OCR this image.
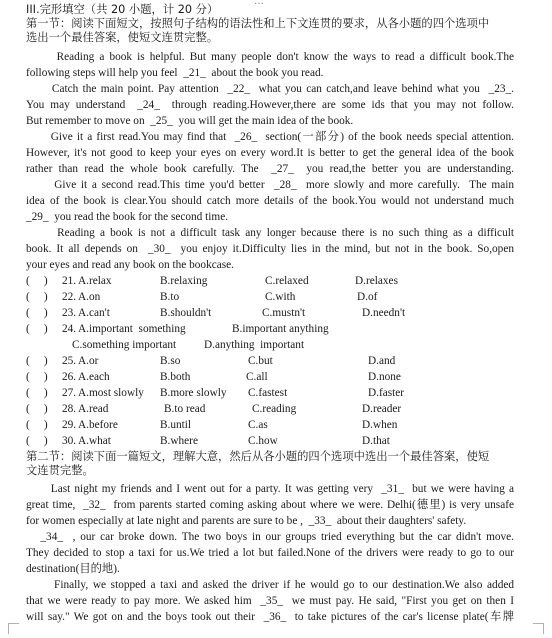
…
III.完形填空（共 20 小题，计 20 分）
第一节：阅读下面短文，按照句子结构的语法性和上下文连贯的要求，从各小题的四个选项中
选出一个最佳答案，使短文连贯完整。
Reading a book is helpful. But many people don't know the ways to read a difficult book.The
following steps will help you feel  _21_  about the book you read.
Catch the main point. Pay attention  _22_  what you can catch,and leave behind what you  _23_.
You may understand  _24_  through reading.However,there are some ids that you may not follow.
But remember to move on  _25_  you will get the main idea of the book.
Give it a first read.You may find that  _26_  section(一部分) of the book needs special attention.
However, it's not good to keep your eyes on every word.It is better to get the general idea of the book
rather than read the whole book carefully. The  _27_  you read,the better you are understanding.
Give it a second read.This time you'd better  _28_  more slowly and more carefully.  The main
idea of the book is clear.You should catch more details of the book.You would not understand much
_29_  you read the book for the second time.
Reading a book is not a difficult task any longer because there is no such thing as a difficult
book. It all depends on  _30_  you enjoy it.Difficulty lies in the mind, but not in the book. So,open
your eyes and read any book on the bookcase.
(     ) 21. A.relax	B.relaxing	C.relaxed	D.relaxes
(     ) 22. A.on	B.to	C.with	D.of
(     ) 23. A.can't	B.shouldn't	C.mustn't	D.needn't
(     ) 24. A.important  something	B.important anything
C.something important D.anything  important
(     ) 25. A.or	B.so	C.but	D.and
(     ) 26. A.each	B.both	C.all	D.none
(     ) 27. A.most slowly B.more slowly C.fastest	D.faster
(     ) 28. A.read	B.to read	C.reading	D.reader
(     ) 29. A.before	B.until	C.as	D.when
(     ) 30. A.what	B.where	C.how	D.that
第二节：阅读下面一篇短文，理解大意，然后从各小题的四个选项中选出一个最佳答案，使短
文连贯完整。
Last night my friends and I went out for a party. It was getting very  _31_  but we were having a
great time,  _32_  from parents started coming asking about where we were. Delhi(德里) is very unsafe
for women especially at late night and parents are sure to be ,  _33_  about their daughters' safety.
_34_  , our car broke down. The two boys in our groups tried everything but the car didn't move.
They decided to stop a taxi for us.We tried a lot but failed.None of the drivers were ready to go to our
destination(目的地).
Finally, we stopped a taxi and asked the driver if he would go to our destination.We also added
that we were ready to pay more. We asked him  _35_  we must pay. He said, "First you get on then I
will say." We got on and the boys took out their  _36_  to take pictures of the car's license plate(车牌
